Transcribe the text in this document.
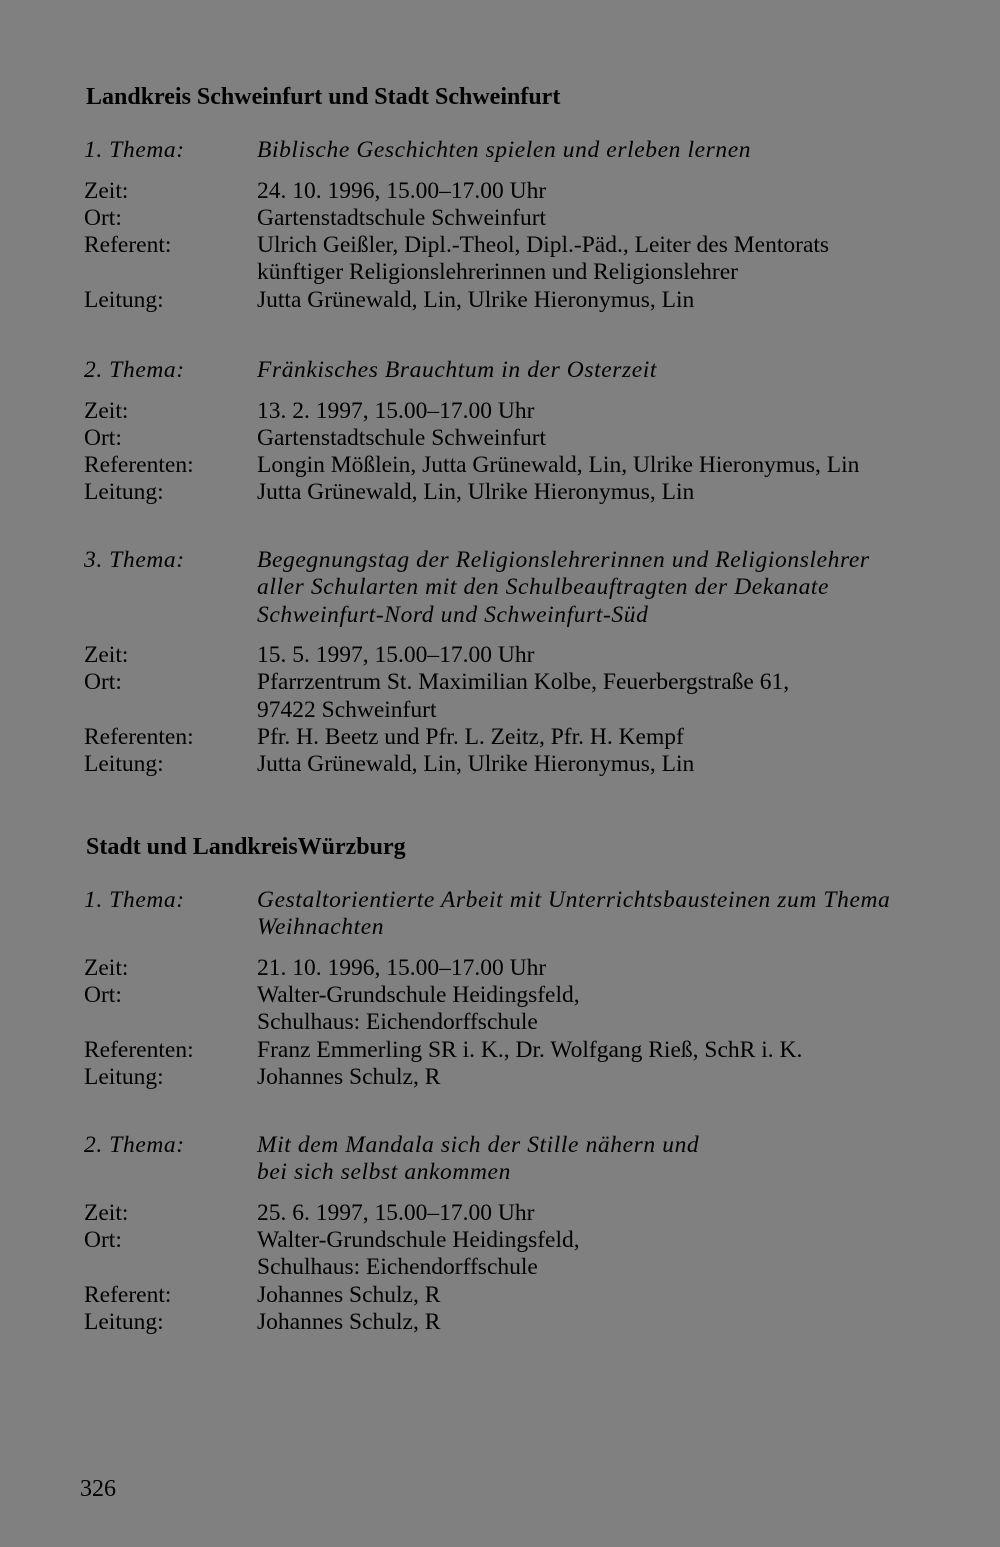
Landkreis Schweinfurt und Stadt Schweinfurt
1. Thema:	Biblische Geschichten spielen und erleben lernen
Zeit:	24. 10. 1996, 15.00–17.00 Uhr
Ort:	Gartenstadtschule Schweinfurt
Referent:	Ulrich Geißler, Dipl.-Theol, Dipl.-Päd., Leiter des Mentorats
künftiger Religionslehrerinnen und Religionslehrer
Leitung:	Jutta Grünewald, Lin, Ulrike Hieronymus, Lin
2. Thema:	Fränkisches Brauchtum in der Osterzeit
Zeit:	13. 2. 1997, 15.00–17.00 Uhr
Ort:	Gartenstadtschule Schweinfurt
Referenten:	Longin Mößlein, Jutta Grünewald, Lin, Ulrike Hieronymus, Lin
Leitung:	Jutta Grünewald, Lin, Ulrike Hieronymus, Lin
3. Thema:	Begegnungstag der Religionslehrerinnen und Religionslehrer
aller Schularten mit den Schulbeauftragten der Dekanate
Schweinfurt-Nord und Schweinfurt-Süd
Zeit:	15. 5. 1997, 15.00–17.00 Uhr
Ort:	Pfarrzentrum St. Maximilian Kolbe, Feuerbergstraße 61,
97422 Schweinfurt
Referenten:	Pfr. H. Beetz und Pfr. L. Zeitz, Pfr. H. Kempf
Leitung:	Jutta Grünewald, Lin, Ulrike Hieronymus, Lin
Stadt und LandkreisWürzburg
1. Thema:	Gestaltorientierte Arbeit mit Unterrichtsbausteinen zum Thema
Weihnachten
Zeit:	21. 10. 1996, 15.00–17.00 Uhr
Ort:	Walter-Grundschule Heidingsfeld,
Schulhaus: Eichendorffschule
Referenten:	Franz Emmerling SR i. K., Dr. Wolfgang Rieß, SchR i. K.
Leitung:	Johannes Schulz, R
2. Thema:	Mit dem Mandala sich der Stille nähern und
bei sich selbst ankommen
Zeit:	25. 6. 1997, 15.00–17.00 Uhr
Ort:	Walter-Grundschule Heidingsfeld,
Schulhaus: Eichendorffschule
Referent:	Johannes Schulz, R
Leitung:	Johannes Schulz, R
326
